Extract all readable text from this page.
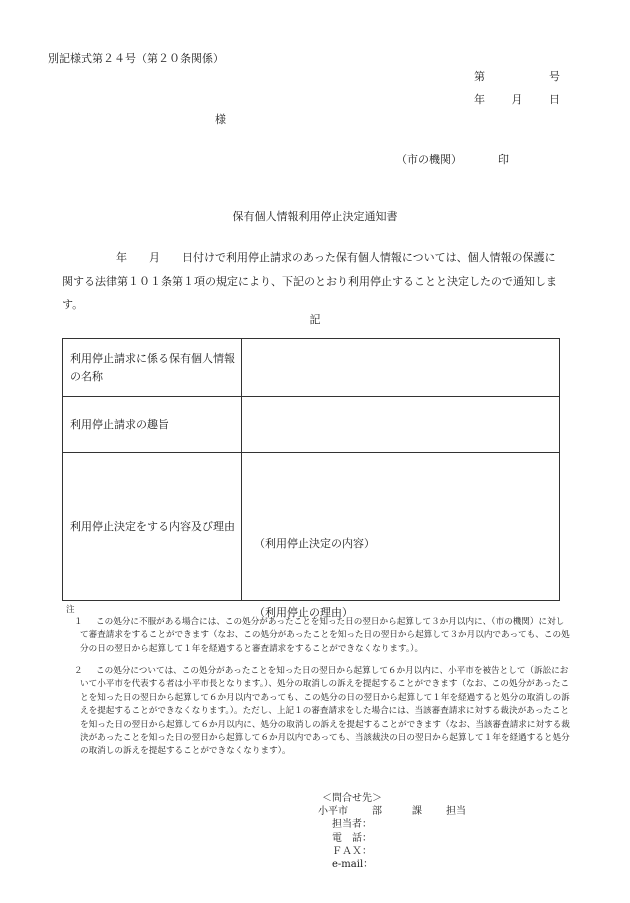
別記様式第２４号（第２０条関係）
第	号
年 月 日
様
（市の機関）	印
保有個人情報利用停止決定通知書
年 月 日付けで利用停止請求のあった保有個人情報については、個人情報の保護に関する法律第１０１条第１項の規定により、下記のとおり利用停止することと決定したので通知します。
記
利用停止請求に係る保有個人情報の名称	
利用停止請求の趣旨	
利用停止決定をする内容及び理由	（利用停止決定の内容）
（利用停止の理由）
注
１	この処分に不服がある場合には、この処分があったことを知った日の翌日から起算して３か月以内に、（市の機関）に対して審査請求をすることができます（なお、この処分があったことを知った日の翌日から起算して３か月以内であっても、この処分の日の翌日から起算して１年を経過すると審査請求をすることができなくなります。）。
２	この処分については、この処分があったことを知った日の翌日から起算して６か月以内に、小平市を被告として（訴訟において小平市を代表する者は小平市長となります。）、処分の取消しの訴えを提起することができます（なお、この処分があったことを知った日の翌日から起算して６か月以内であっても、この処分の日の翌日から起算して１年を経過すると処分の取消しの訴えを提起することができなくなります。）。ただし、上記１の審査請求をした場合には、当該審査請求に対する裁決があったことを知った日の翌日から起算して６か月以内に、処分の取消しの訴えを提起することができます（なお、当該審査請求に対する裁決があったことを知った日の翌日から起算して６か月以内であっても、当該裁決の日の翌日から起算して１年を経過すると処分の取消しの訴えを提起することができなくなります）。
＜問合せ先＞
小平市 部	課 担当
担当者：
電　話：
ＦＡＸ：
e-mail：
